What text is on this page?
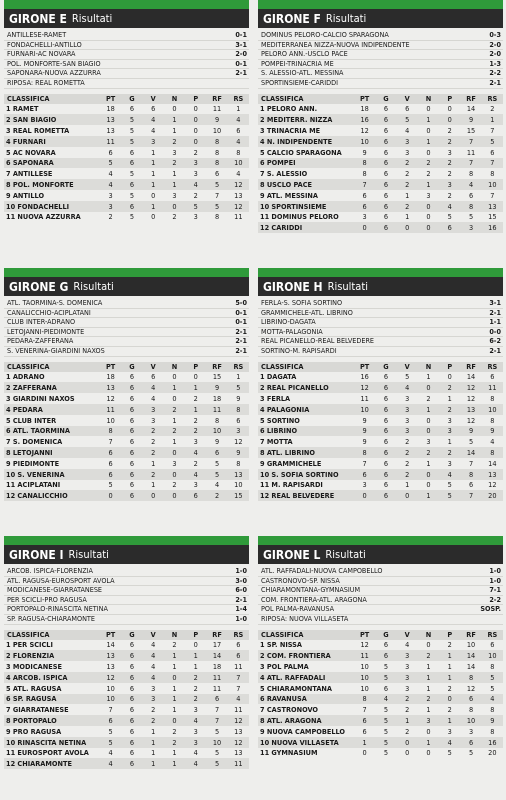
GIRONE E Risultati
ANTILLESE-RAMET	0-1
FONDACHELLI-ANTILLO	3-1
FURNARI-AC NOVARA	2-0
POL. MONFORTE-SAN BIAGIO	0-1
SAPONARA-NUOVA AZZURRA	2-1
RIPOSA: REAL ROMETTA
CLASSIFICA	PT	G	V	N	P	RF	RS
1 RAMET	18	6	6	0	0	11	1
2 SAN BIAGIO	13	5	4	1	0	9	4
3 REAL ROMETTA	13	5	4	1	0	10	6
4 FURNARI	11	5	3	2	0	8	4
5 AC NOVARA	6	6	1	3	2	8	8
6 SAPONARA	5	6	1	2	3	8	10
7 ANTILLESE	4	5	1	1	3	6	4
8 POL. MONFORTE	4	6	1	1	4	5	12
9 ANTILLO	3	5	0	3	2	7	13
10 FONDACHELLI	3	6	1	0	5	5	12
11 NUOVA AZZURRA	2	5	0	2	3	8	11
GIRONE F Risultati
DOMINUS PELORO-CALCIO SPARAGONA	0-3
MEDITERRANEA NIZZA-NUOVA INDIPENDENTE	2-0
PELORO ANN.-USCLO PACE	2-0
POMPEI-TRINACRIA ME	1-3
S. ALESSIO-ATL. MESSINA	2-2
SPORTINSIEME-CARIDDI	2-1
CLASSIFICA	PT	G	V	N	P	RF	RS
1 PELORO ANN.	18	6	6	0	0	14	2
2 MEDITERR. NIZZA	16	6	5	1	0	9	1
3 TRINACRIA ME	12	6	4	0	2	15	7
4 N. INDIPENDENTE	10	6	3	1	2	7	5
5 CALCIO SPARAGONA	9	6	3	0	3	11	6
6 POMPEI	8	6	2	2	2	7	7
7 S. ALESSIO	8	6	2	2	2	8	8
8 USCLO PACE	7	6	2	1	3	4	10
9 ATL. MESSINA	6	6	1	3	2	6	7
10 SPORTINSIEME	6	6	2	0	4	8	13
11 DOMINUS PELORO	3	6	1	0	5	5	15
12 CARIDDI	0	6	0	0	6	3	16
GIRONE G Risultati
ATL. TAORMINA-S. DOMENICA	5-0
CANALICCHIO-ACIPLATANI	0-1
CLUB INTER-ADRANO	0-1
LETOJANNI-PIEDIMONTE	2-1
PEDARA-ZAFFERANA	2-1
S. VENERINA-GIARDINI NAXOS	2-1
CLASSIFICA	PT	G	V	N	P	RF	RS
1 ADRANO	18	6	6	0	0	15	1
2 ZAFFERANA	13	6	4	1	1	9	5
3 GIARDINI NAXOS	12	6	4	0	2	18	9
4 PEDARA	11	6	3	2	1	11	8
5 CLUB INTER	10	6	3	1	2	8	6
6 ATL. TAORMINA	8	6	2	2	2	10	3
7 S. DOMENICA	7	6	2	1	3	9	12
8 LETOJANNI	6	6	2	0	4	6	9
9 PIEDIMONTE	6	6	1	3	2	5	8
10 S. VENERINA	6	6	2	0	4	5	13
11 ACIPLATANI	5	6	1	2	3	4	10
12 CANALICCHIO	0	6	0	0	6	2	15
GIRONE H Risultati
FERLA-S. SOFIA SORTINO	3-1
GRAMMICHELE-ATL. LIBRINO	2-1
LIBRINO-DAGATA	1-1
MOTTA-PALAGONIA	0-0
REAL PICANELLO-REAL BELVEDERE	6-2
SORTINO-M. RAPISARDI	2-1
CLASSIFICA	PT	G	V	N	P	RF	RS
1 DAGATA	16	6	5	1	0	14	6
2 REAL PICANELLO	12	6	4	0	2	12	11
3 FERLA	11	6	3	2	1	12	8
4 PALAGONIA	10	6	3	1	2	13	10
5 SORTINO	9	6	3	0	3	12	8
6 LIBRINO	9	6	3	0	3	9	9
7 MOTTA	9	6	2	3	1	5	4
8 ATL. LIBRINO	8	6	2	2	2	14	8
9 GRAMMICHELE	7	6	2	1	3	7	14
10 S. SOFIA SORTINO	6	6	2	0	4	8	13
11 M. RAPISARDI	3	6	1	0	5	6	12
12 REAL BELVEDERE	0	6	0	1	5	7	20
GIRONE I Risultati
ARCOB. ISPICA-FLORENZIA	1-0
ATL. RAGUSA-EUROSPORT AVOLA	3-0
MODICANESE-GIARRATANESE	6-0
PER SCICLI-PRO RAGUSA	2-1
PORTOPALO-RINASCITA NETINA	1-4
SP. RAGUSA-CHIARAMONTE	1-0
CLASSIFICA	PT	G	V	N	P	RF	RS
1 PER SCICLI	14	6	4	2	0	17	6
2 FLORENZIA	13	6	4	1	1	14	6
3 MODICANESE	13	6	4	1	1	18	11
4 ARCOB. ISPICA	12	6	4	0	2	11	7
5 ATL. RAGUSA	10	6	3	1	2	11	7
6 SP. RAGUSA	10	6	3	1	2	6	4
7 GIARRATANESE	7	6	2	1	3	7	11
8 PORTOPALO	6	6	2	0	4	7	12
9 PRO RAGUSA	5	6	1	2	3	5	13
10 RINASCITA NETINA	5	6	1	2	3	10	12
11 EUROSPORT AVOLA	4	6	1	1	4	5	13
12 CHIARAMONTE	4	6	1	1	4	5	11
GIRONE L Risultati
ATL. RAFFADALI-NUOVA CAMPOBELLO	1-0
CASTRONOVO-SP. NISSA	1-0
CHIARAMONTANA-GYMNASIUM	7-1
COM. FRONTIERA-ATL. ARAGONA	2-2
POL PALMA-RAVANUSA	SOSP.
RIPOSA: NUOVA VILLASETA
CLASSIFICA	PT	G	V	N	P	RF	RS
1 SP. NISSA	12	6	4	0	2	10	6
2 COM. FRONTIERA	11	6	3	2	1	14	10
3 POL PALMA	10	5	3	1	1	14	8
4 ATL. RAFFADALI	10	5	3	1	1	8	5
5 CHIARAMONTANA	10	6	3	1	2	12	5
6 RAVANUSA	8	4	2	2	0	6	4
7 CASTRONOVO	7	5	2	1	2	8	8
8 ATL. ARAGONA	6	5	1	3	1	10	9
9 NUOVA CAMPOBELLO	6	5	2	0	3	3	8
10 NUOVA VILLASETA	1	5	0	1	4	6	16
11 GYMNASIUM	0	5	0	0	5	5	20
